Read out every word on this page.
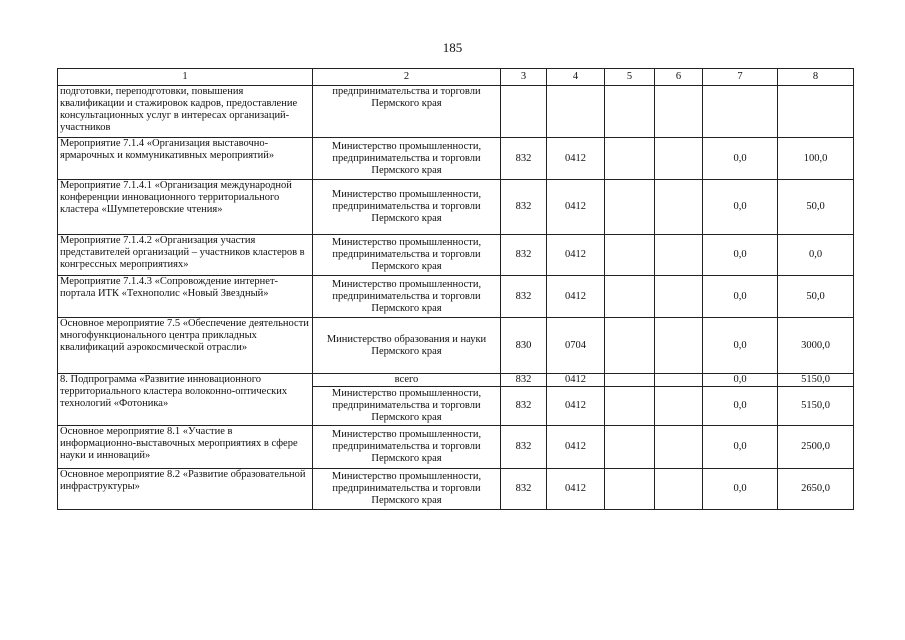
185
1	2	3	4	5	6	7	8
подготовки, переподготовки, повышения квалификации и стажировок кадров, предоставление консультационных услуг в интересах организаций-участников	предпринимательства и торговли Пермского края						
Мероприятие 7.1.4 «Организация выставочно-ярмарочных и коммуникативных мероприятий»	Министерство промышленности, предпринимательства и торговли Пермского края	832	0412			0,0	100,0
Мероприятие 7.1.4.1 «Организация международной конференции инновационного территориального кластера «Шумпетеровские чтения»	Министерство промышленности, предпринимательства и торговли Пермского края	832	0412			0,0	50,0
Мероприятие 7.1.4.2 «Организация участия представителей организаций – участников кластеров в конгрессных мероприятиях»	Министерство промышленности, предпринимательства и торговли Пермского края	832	0412			0,0	0,0
Мероприятие 7.1.4.3 «Сопровождение интернет-портала ИТК «Технополис «Новый Звездный»	Министерство промышленности, предпринимательства и торговли Пермского края	832	0412			0,0	50,0
Основное мероприятие 7.5 «Обеспечение деятельности многофункционального центра прикладных квалификаций аэрокосмической отрасли»	Министерство образования и науки Пермского края	830	0704			0,0	3000,0
8. Подпрограмма «Развитие инновационного территориального кластера волоконно-оптических технологий «Фотоника»	всего	832	0412			0,0	5150,0
	Министерство промышленности, предпринимательства и торговли Пермского края	832	0412			0,0	5150,0
Основное мероприятие 8.1 «Участие в информационно-выставочных мероприятиях в сфере науки и инноваций»	Министерство промышленности, предпринимательства и торговли Пермского края	832	0412			0,0	2500,0
Основное мероприятие 8.2 «Развитие образовательной инфраструктуры»	Министерство промышленности, предпринимательства и торговли Пермского края	832	0412			0,0	2650,0
